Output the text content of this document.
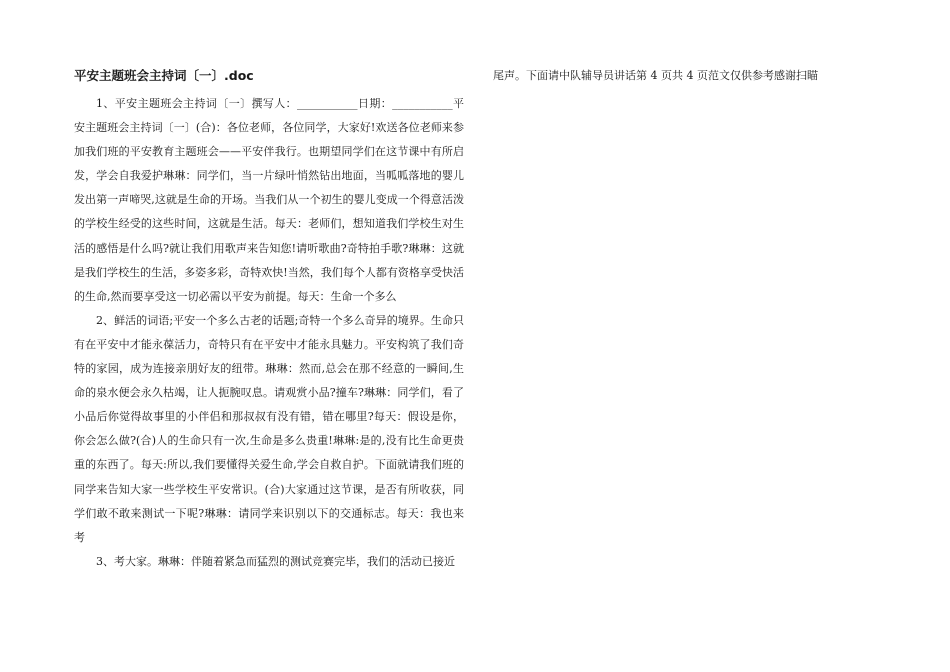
平安主题班会主持词〔一〕.doc

1、平安主题班会主持词〔一〕撰写人：___________日期：___________平安主题班会主持词〔一〕(合)：各位老师，各位同学，大家好!欢送各位老师来参加我们班的平安教育主题班会——平安伴我行。也期望同学们在这节课中有所启发，学会自我爱护琳琳：同学们，当一片绿叶悄然钻出地面，当呱呱落地的婴儿发出第一声啼哭,这就是生命的开场。当我们从一个初生的婴儿变成一个得意活泼的学校生经受的这些时间，这就是生活。每天：老师们，想知道我们学校生对生活的感悟是什么吗?就让我们用歌声来告知您!请听歌曲?奇特拍手歌?琳琳：这就是我们学校生的生活，多姿多彩，奇特欢快!当然，我们每个人都有资格享受快活的生命,然而要享受这一切必需以平安为前提。每天：生命一个多么

2、鲜活的词语;平安一个多么古老的话题;奇特一个多么奇异的境界。生命只有在平安中才能永葆活力，奇特只有在平安中才能永具魅力。平安构筑了我们奇特的家园，成为连接亲朋好友的纽带。琳琳：然而,总会在那不经意的一瞬间,生命的泉水便会永久枯竭，让人扼腕叹息。请观赏小品?撞车?琳琳：同学们，看了小品后你觉得故事里的小伴侣和那叔叔有没有错，错在哪里?每天：假设是你，你会怎么做?(合)人的生命只有一次,生命是多么贵重!琳琳:是的,没有比生命更贵重的东西了。每天:所以,我们要懂得关爱生命,学会自救自护。下面就请我们班的同学来告知大家一些学校生平安常识。(合)大家通过这节课，是否有所收获，同学们敢不敢来测试一下呢?琳琳：请同学来识别以下的交通标志。每天：我也来考

3、考大家。琳琳：伴随着紧急而猛烈的测试竞赛完毕，我们的活动已接近

尾声。下面请中队辅导员讲话第 4 页共 4 页范文仅供参考感谢扫瞄
